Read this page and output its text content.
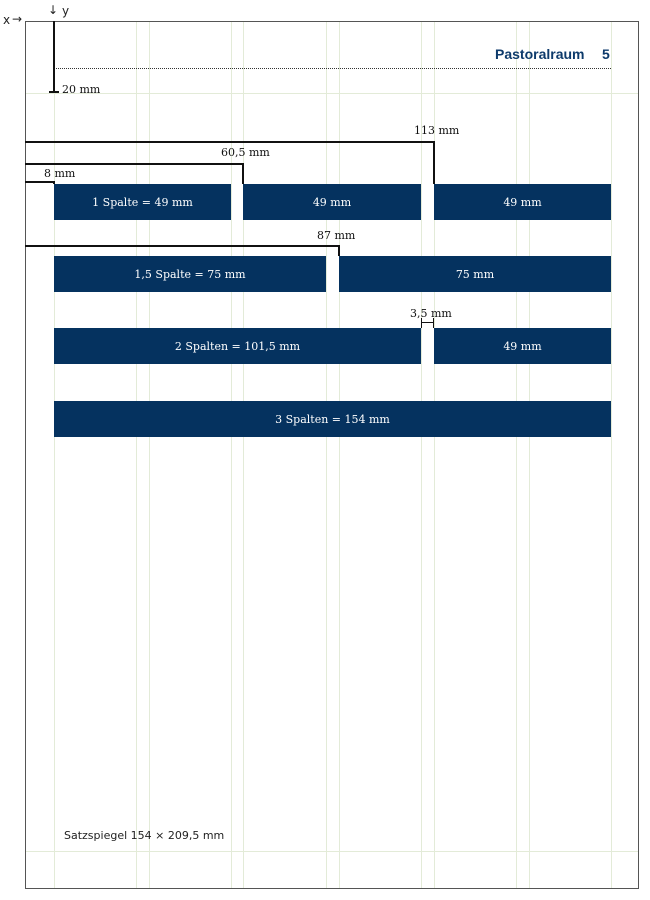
x →
↓ y
Pastoralraum 5
20 mm
113 mm
60,5 mm
8 mm
1 Spalte = 49 mm	49 mm	49 mm
87 mm
1,5 Spalte = 75 mm	75 mm
3,5 mm
2 Spalten = 101,5 mm	49 mm
3 Spalten = 154 mm
Satzspiegel 154 × 209,5 mm
